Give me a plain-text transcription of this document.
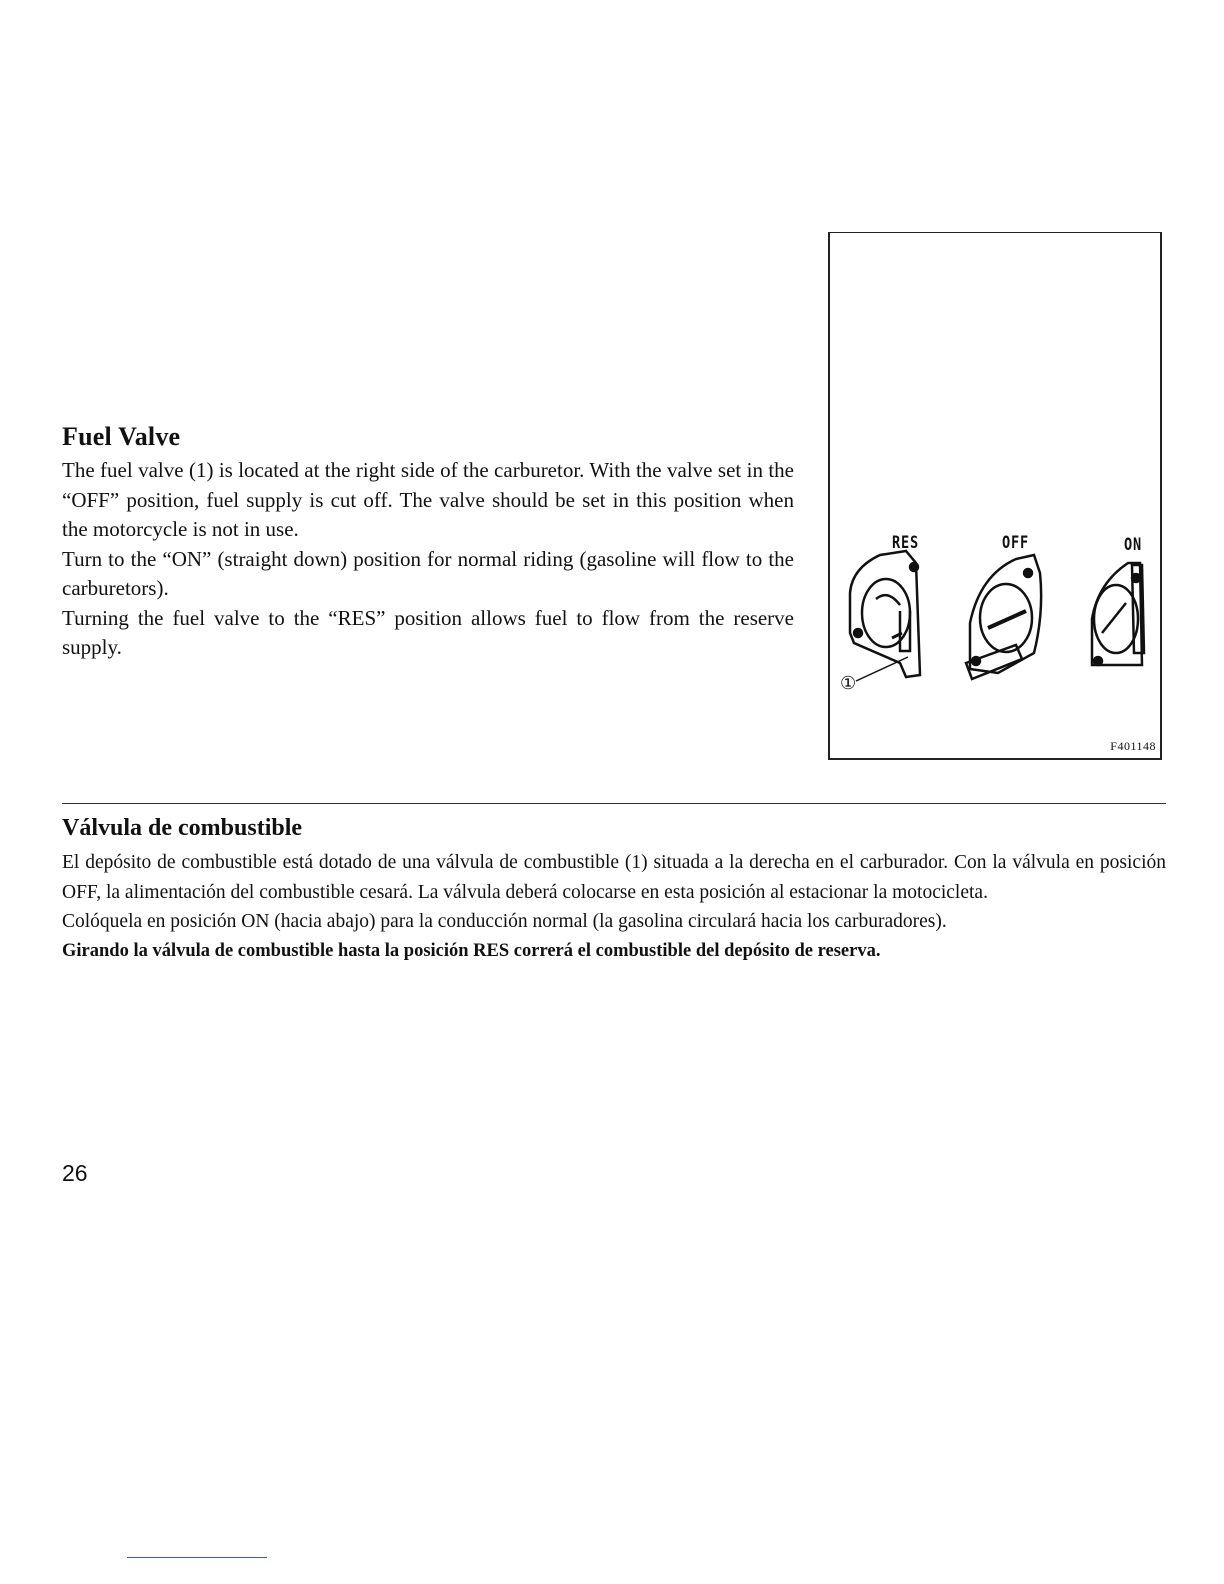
Fuel Valve

The fuel valve (1) is located at the right side of the carburetor. With the valve set in the “OFF” position, fuel supply is cut off. The valve should be set in this position when the motorcycle is not in use.

Turn to the “ON” (straight down) position for normal riding (gasoline will flow to the carburetors).

Turning the fuel valve to the “RES” position allows fuel to flow from the reserve supply.

RES	OFF	ON
①
F401148
Válvula de combustible

El depósito de combustible está dotado de una válvula de combustible (1) situada a la derecha en el carburador. Con la válvula en posición OFF, la alimentación del combustible cesará. La válvula deberá colocarse en esta posición al estacionar la motocicleta.

Colóquela en posición ON (hacia abajo) para la conducción normal (la gasolina circulará hacia los carburadores).

Girando la válvula de combustible hasta la posición RES correrá el combustible del depósito de reserva.

26
